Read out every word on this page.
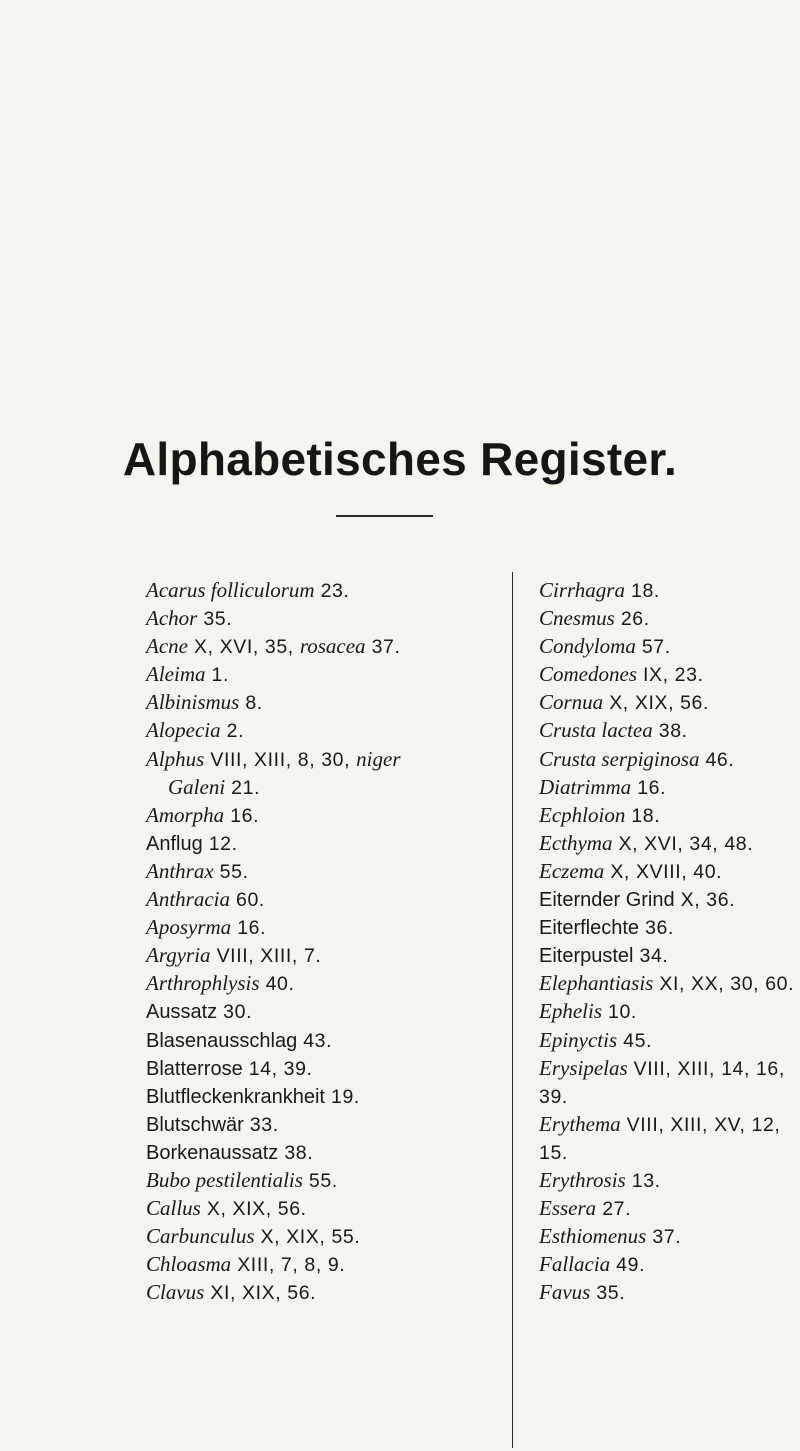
Alphabetisches Register.
Acarus folliculorum 23.
Achor 35.
Acne X, XVI, 35, rosacea 37.
Aleima 1.
Albinismus 8.
Alopecia 2.
Alphus VIII, XIII, 8, 30, niger
Galeni 21.
Amorpha 16.
Anflug 12.
Anthrax 55.
Anthracia 60.
Aposyrma 16.
Argyria VIII, XIII, 7.
Arthrophlysis 40.
Aussatz 30.
Blasenausschlag 43.
Blatterrose 14, 39.
Blutfleckenkrankheit 19.
Blutschwär 33.
Borkenaussatz 38.
Bubo pestilentialis 55.
Callus X, XIX, 56.
Carbunculus X, XIX, 55.
Chloasma XIII, 7, 8, 9.
Clavus XI, XIX, 56.
Cirrhagra 18.
Cnesmus 26.
Condyloma 57.
Comedones IX, 23.
Cornua X, XIX, 56.
Crusta lactea 38.
Crusta serpiginosa 46.
Diatrimma 16.
Ecphloion 18.
Ecthyma X, XVI, 34, 48.
Eczema X, XVIII, 40.
Eiternder Grind X, 36.
Eiterflechte 36.
Eiterpustel 34.
Elephantiasis XI, XX, 30, 60.
Ephelis 10.
Epinyctis 45.
Erysipelas VIII, XIII, 14, 16,
39.
Erythema VIII, XIII, XV, 12,
15.
Erythrosis 13.
Essera 27.
Esthiomenus 37.
Fallacia 49.
Favus 35.
